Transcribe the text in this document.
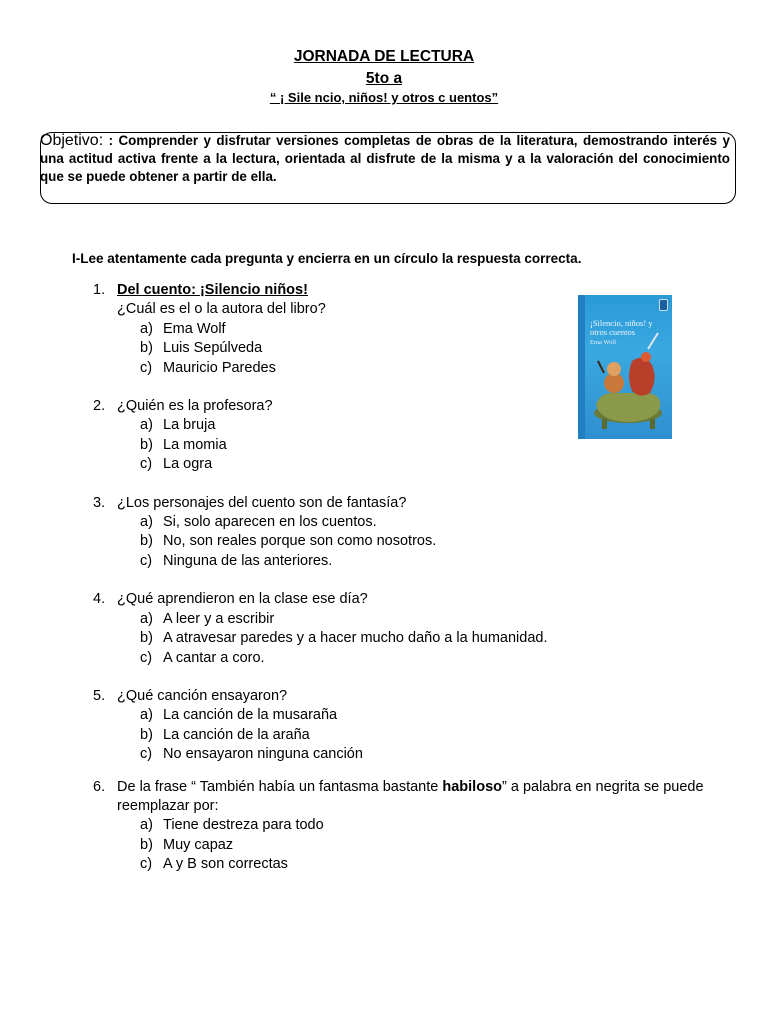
JORNADA DE LECTURA
5to a
“ ¡ Sile ncio, niños! y otros c uentos”
Objetivo: : Comprender y disfrutar versiones completas de obras de la literatura, demostrando interés y una actitud activa frente a la lectura, orientada al disfrute de la misma y a la valoración del conocimiento que se puede obtener a partir de ella.
I-Lee atentamente cada pregunta y encierra en un círculo la respuesta correcta.
¡Silencio, niños! y otros cuentos
Ema Wolf
1. Del cuento: ¡Silencio niños!
¿Cuál es el o la autora del libro?
a) Ema Wolf
b) Luis Sepúlveda
c) Mauricio Paredes
2. ¿Quién es la profesora?
a) La bruja
b) La momia
c) La ogra
3. ¿Los personajes del cuento son de fantasía?
a) Si, solo aparecen en los cuentos.
b) No, son reales porque son como nosotros.
c) Ninguna de las anteriores.
4. ¿Qué aprendieron en la clase ese día?
a) A leer y a escribir
b) A atravesar paredes y a hacer mucho daño a la humanidad.
c) A cantar a coro.
5. ¿Qué canción ensayaron?
a) La canción de la musaraña
b) La canción de la araña
c) No ensayaron ninguna canción
6. De la frase “ También había un fantasma bastante habiloso” a palabra en negrita se puede reemplazar por:
a) Tiene destreza para todo
b) Muy capaz
c) A y B son correctas
